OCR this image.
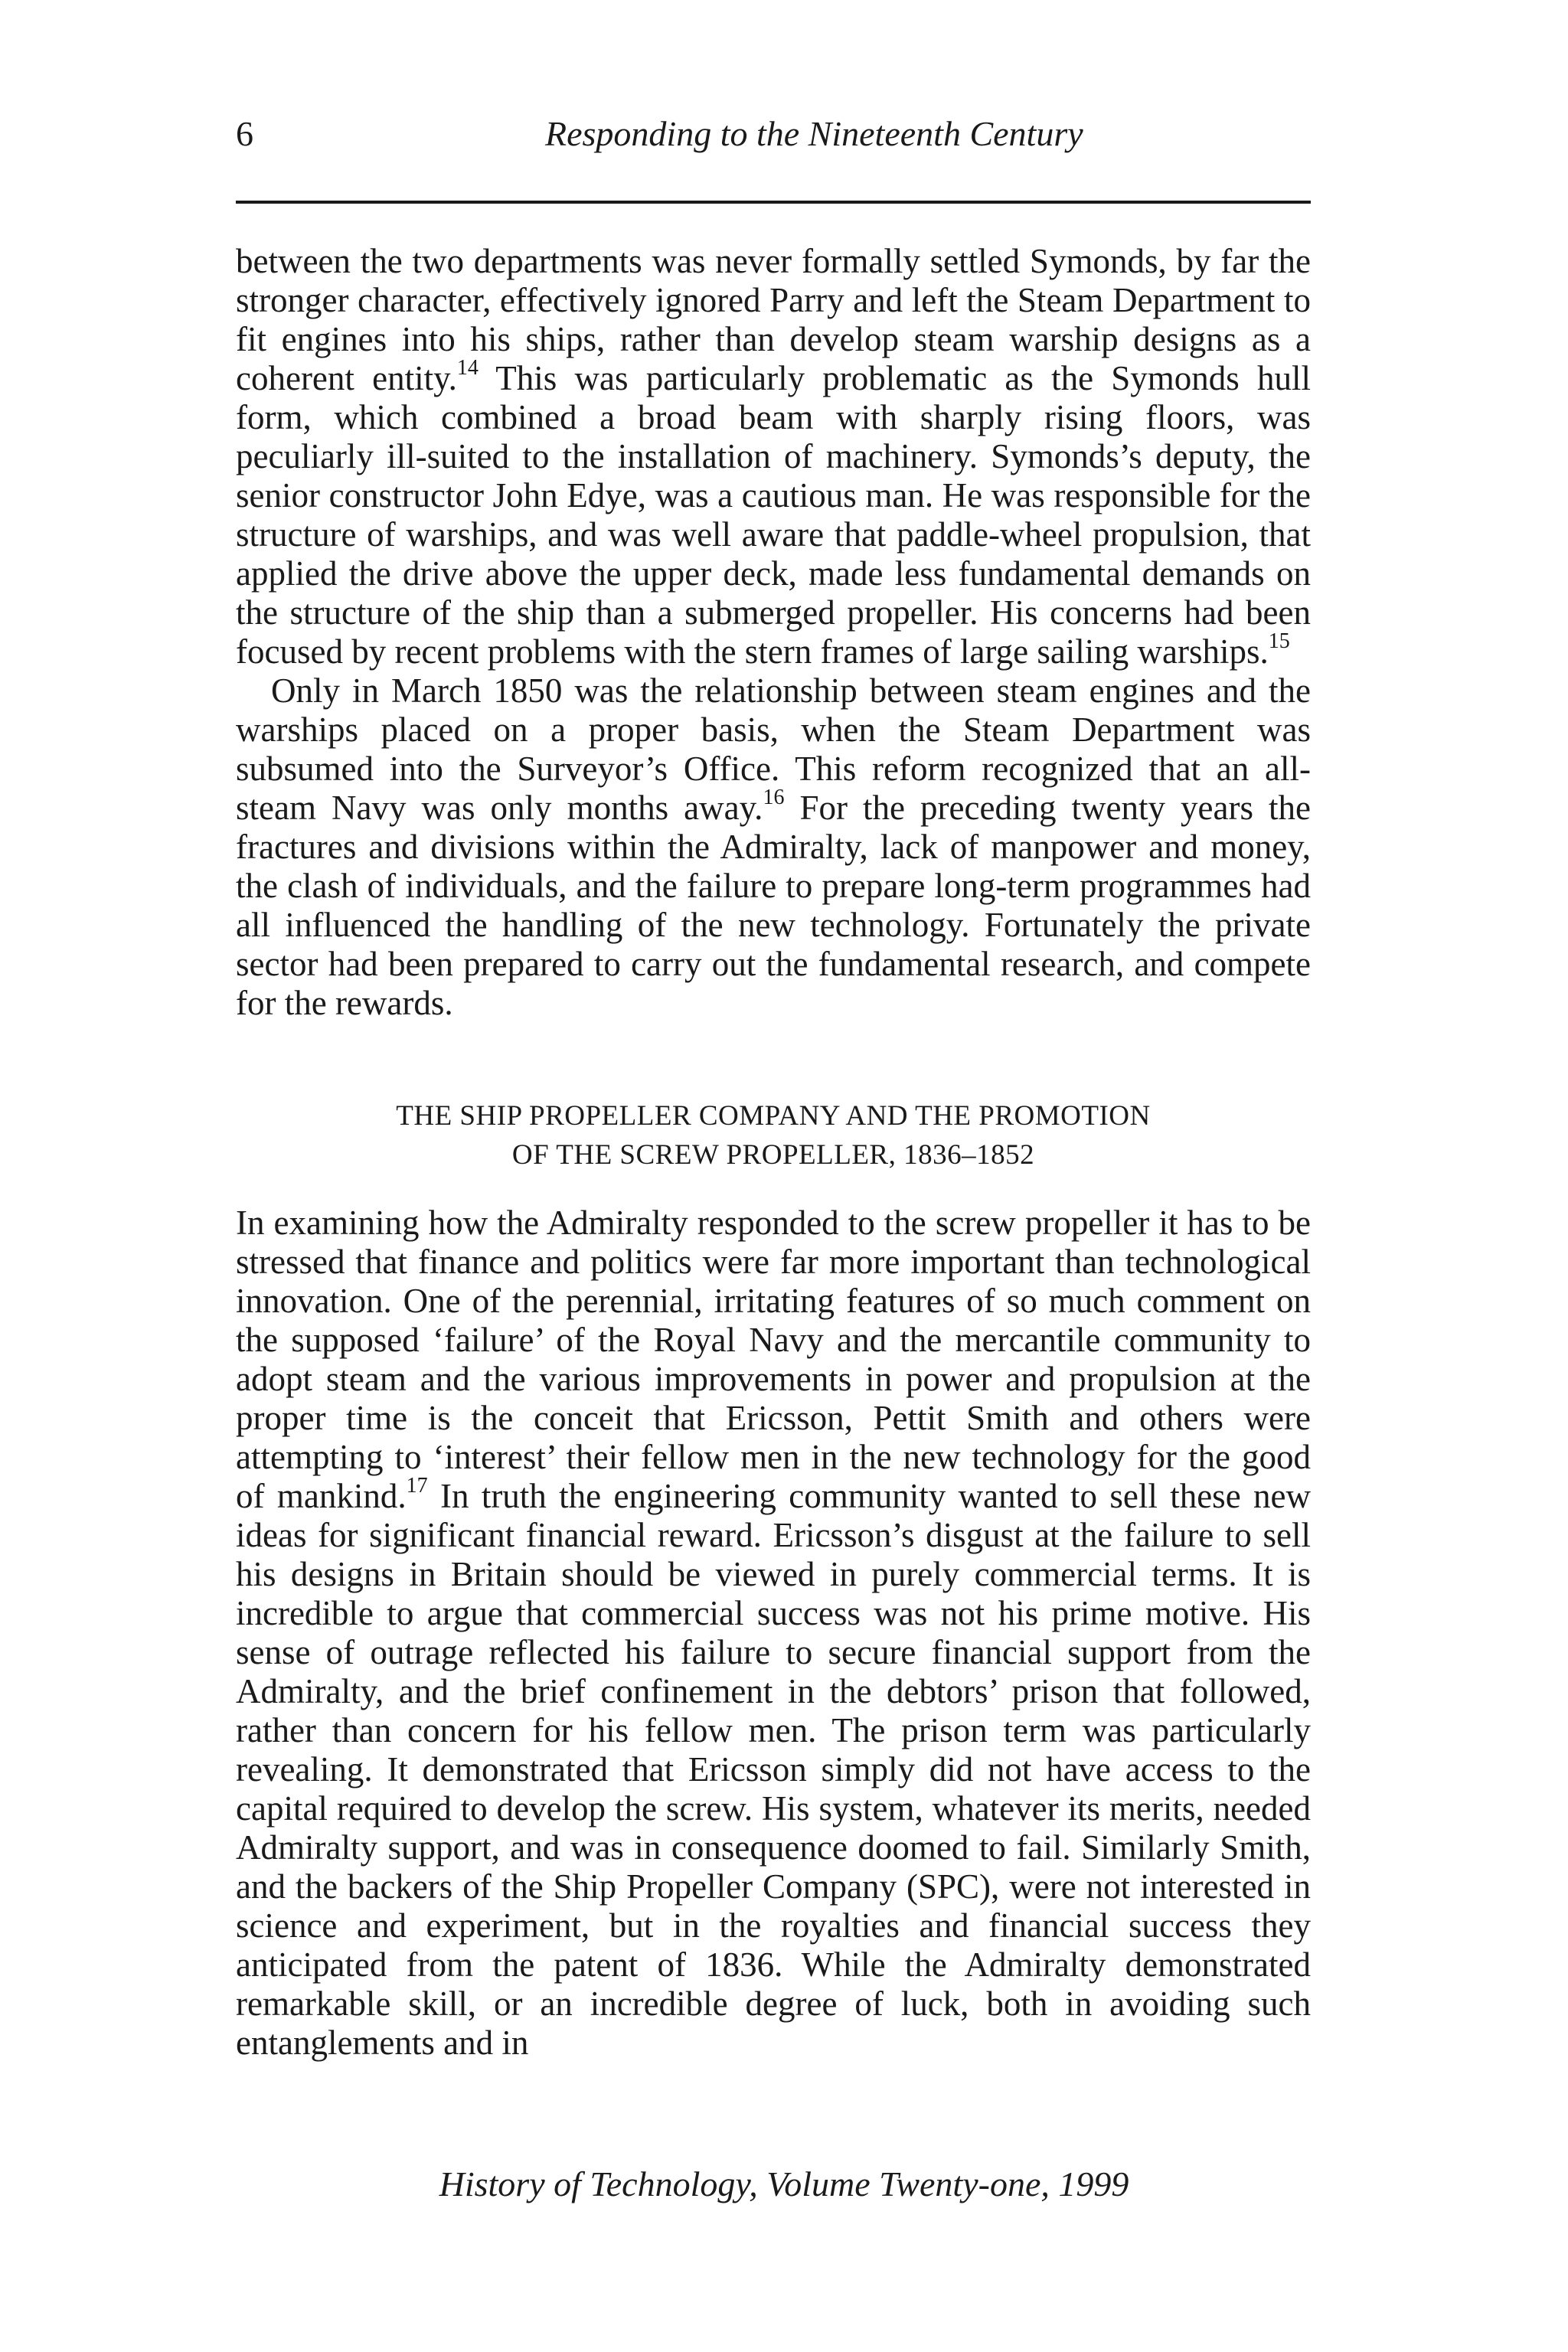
6	Responding to the Nineteenth Century

between the two departments was never formally settled Symonds, by far the stronger character, effectively ignored Parry and left the Steam Department to fit engines into his ships, rather than develop steam warship designs as a coherent entity.$^{14}$ This was particularly problematic as the Symonds hull form, which combined a broad beam with sharply rising floors, was peculiarly ill-suited to the installation of machinery. Symonds’s deputy, the senior constructor John Edye, was a cautious man. He was responsible for the structure of warships, and was well aware that paddle-wheel propulsion, that applied the drive above the upper deck, made less fundamental demands on the structure of the ship than a submerged propeller. His concerns had been focused by recent problems with the stern frames of large sailing warships.$^{15}$

Only in March 1850 was the relationship between steam engines and the warships placed on a proper basis, when the Steam Department was subsumed into the Surveyor’s Office. This reform recognized that an all-steam Navy was only months away.$^{16}$ For the preceding twenty years the fractures and divisions within the Admiralty, lack of manpower and money, the clash of individuals, and the failure to prepare long-term programmes had all influenced the handling of the new technology. Fortunately the private sector had been prepared to carry out the fundamental research, and compete for the rewards.

THE SHIP PROPELLER COMPANY AND THE PROMOTION
OF THE SCREW PROPELLER, 1836–1852

In examining how the Admiralty responded to the screw propeller it has to be stressed that finance and politics were far more important than technological innovation. One of the perennial, irritating features of so much comment on the supposed ‘failure’ of the Royal Navy and the mercantile community to adopt steam and the various improvements in power and propulsion at the proper time is the conceit that Ericsson, Pettit Smith and others were attempting to ‘interest’ their fellow men in the new technology for the good of mankind.$^{17}$ In truth the engineering community wanted to sell these new ideas for significant financial reward. Ericsson’s disgust at the failure to sell his designs in Britain should be viewed in purely commercial terms. It is incredible to argue that commercial success was not his prime motive. His sense of outrage reflected his failure to secure financial support from the Admiralty, and the brief confinement in the debtors’ prison that followed, rather than concern for his fellow men. The prison term was particularly revealing. It demonstrated that Ericsson simply did not have access to the capital required to develop the screw. His system, whatever its merits, needed Admiralty support, and was in consequence doomed to fail. Similarly Smith, and the backers of the Ship Propeller Company (SPC), were not interested in science and experiment, but in the royalties and financial success they anticipated from the patent of 1836. While the Admiralty demonstrated remarkable skill, or an incredible degree of luck, both in avoiding such entanglements and in

History of Technology, Volume Twenty-one, 1999
